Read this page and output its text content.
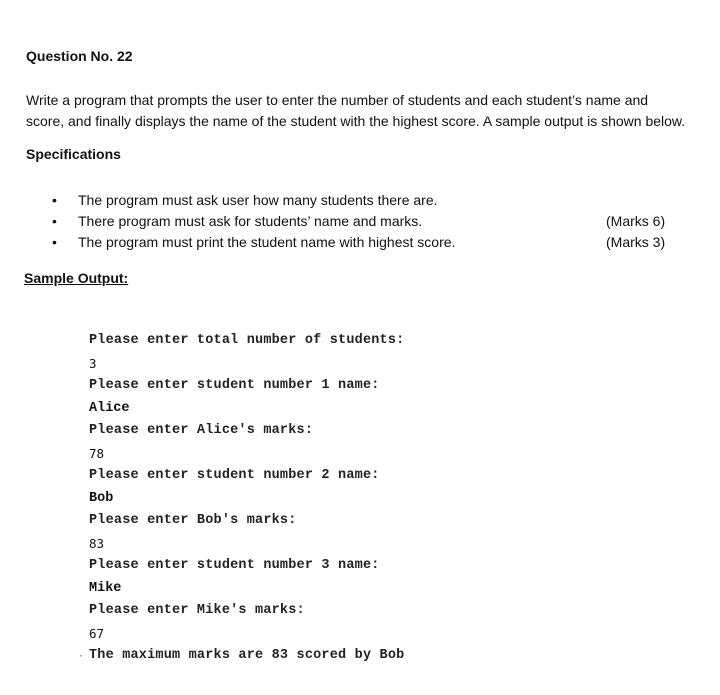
Question No. 22
Write a program that prompts the user to enter the number of students and each student’s name and
score, and finally displays the name of the student with the highest score. A sample output is shown below.
Specifications
• The program must ask user how many students there are.
• There program must ask for students’ name and marks.	(Marks 6)
• The program must print the student name with highest score.	(Marks 3)
Sample Output:
Please enter total number of students:
3
Please enter student number 1 name:
Alice
Please enter Alice's marks:
78
Please enter student number 2 name:
Bob
Please enter Bob's marks:
83
Please enter student number 3 name:
Mike
Please enter Mike's marks:
67
The maximum marks are 83 scored by Bob
·
